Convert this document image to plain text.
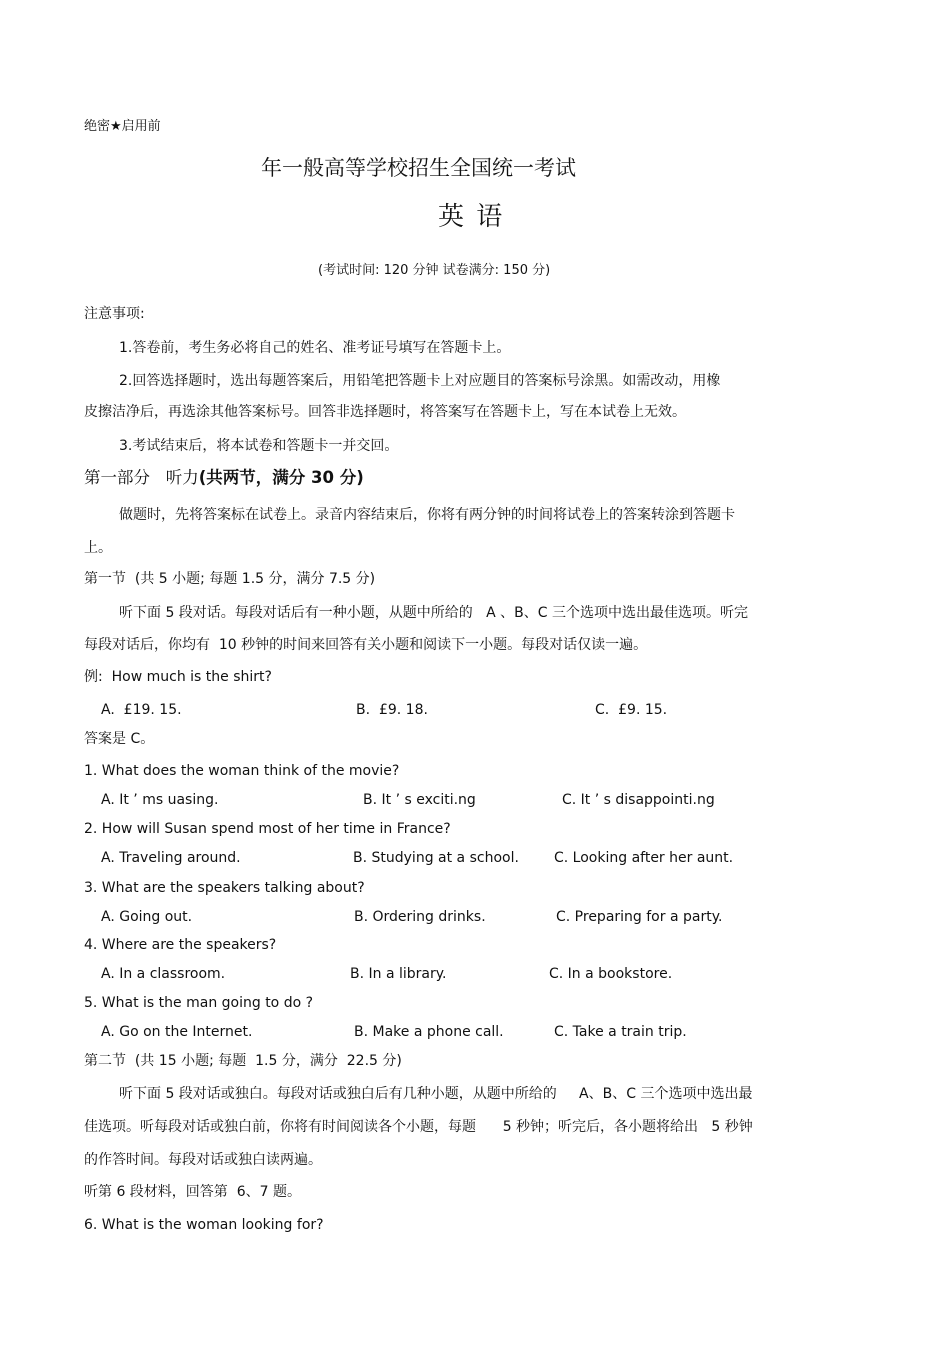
绝密★启用前
年一般高等学校招生全国统一考试
英 语
(考试时间: 120 分钟 试卷满分: 150 分)
注意事项:
1.答卷前，考生务必将自己的姓名、准考证号填写在答题卡上。
2.回答选择题时，选出每题答案后，用铅笔把答题卡上对应题目的答案标号涂黑。如需改动，用橡
皮擦洁净后，再选涂其他答案标号。回答非选择题时，将答案写在答题卡上，写在本试卷上无效。
3.考试结束后，将本试卷和答题卡一并交回。
第一部分   听力(共两节，满分 30 分)
做题时，先将答案标在试卷上。录音内容结束后，你将有两分钟的时间将试卷上的答案转涂到答题卡
上。
第一节  (共 5 小题; 每题 1.5 分，满分 7.5 分)
听下面 5 段对话。每段对话后有一种小题，从题中所给的   A 、B、C 三个选项中选出最佳选项。听完
每段对话后，你均有  10 秒钟的时间来回答有关小题和阅读下一小题。每段对话仅读一遍。
例:  How much is the shirt?
A.  £19. 15.	B.  £9. 18.	C.  £9. 15.
答案是 C。
1. What does the woman think of the movie?
A. It ’ ms uasing.	B. It ’ s exciti.ng	C. It ’ s disappointi.ng
2. How will Susan spend most of her time in France?
A. Traveling around.	B. Studying at a school.	C. Looking after her aunt.
3. What are the speakers talking about?
A. Going out.	B. Ordering drinks.	C. Preparing for a party.
4. Where are the speakers?
A. In a classroom.	B. In a library.	C. In a bookstore.
5. What is the man going to do ?
A. Go on the Internet.	B. Make a phone call.	C. Take a train trip.
第二节  (共 15 小题; 每题  1.5 分，满分  22.5 分)
听下面 5 段对话或独白。每段对话或独白后有几种小题，从题中所给的     A、B、C 三个选项中选出最
佳选项。听每段对话或独白前，你将有时间阅读各个小题，每题      5 秒钟；听完后，各小题将给出   5 秒钟
的作答时间。每段对话或独白读两遍。
听第 6 段材料，回答第  6、7 题。
6. What is the woman looking for?
